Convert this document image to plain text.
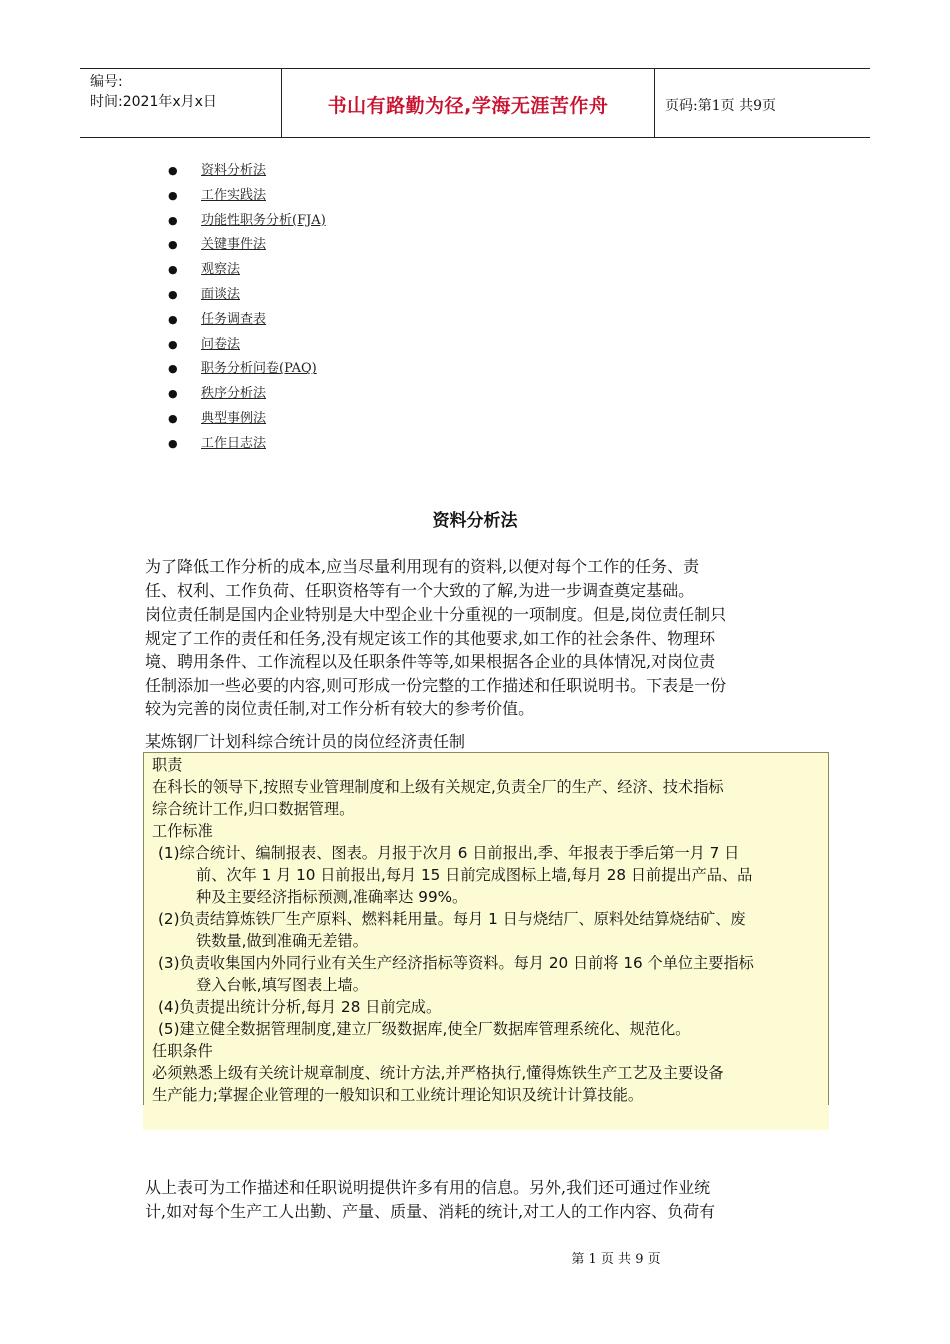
编号:
时间:2021年x月x日	书山有路勤为径,学海无涯苦作舟	页码:第1页 共9页
● 资料分析法
● 工作实践法
● 功能性职务分析(FJA)
● 关键事件法
● 观察法
● 面谈法
● 任务调查表
● 问卷法
● 职务分析问卷(PAQ)
● 秩序分析法
● 典型事例法
● 工作日志法
资料分析法
为了降低工作分析的成本,应当尽量利用现有的资料,以便对每个工作的任务、责
任、权利、工作负荷、任职资格等有一个大致的了解,为进一步调查奠定基础。
岗位责任制是国内企业特别是大中型企业十分重视的一项制度。但是,岗位责任制只
规定了工作的责任和任务,没有规定该工作的其他要求,如工作的社会条件、物理环
境、聘用条件、工作流程以及任职条件等等,如果根据各企业的具体情况,对岗位责
任制添加一些必要的内容,则可形成一份完整的工作描述和任职说明书。下表是一份
较为完善的岗位责任制,对工作分析有较大的参考价值。
某炼钢厂计划科综合统计员的岗位经济责任制
职责
在科长的领导下,按照专业管理制度和上级有关规定,负责全厂的生产、经济、技术指标
综合统计工作,归口数据管理。
工作标准
(1)综合统计、编制报表、图表。月报于次月 6 日前报出,季、年报表于季后第一月 7 日
前、次年 1 月 10 日前报出,每月 15 日前完成图标上墙,每月 28 日前提出产品、品
种及主要经济指标预测,准确率达 99%。
(2)负责结算炼铁厂生产原料、燃料耗用量。每月 1 日与烧结厂、原料处结算烧结矿、废
铁数量,做到准确无差错。
(3)负责收集国内外同行业有关生产经济指标等资料。每月 20 日前将 16 个单位主要指标
登入台帐,填写图表上墙。
(4)负责提出统计分析,每月 28 日前完成。
(5)建立健全数据管理制度,建立厂级数据库,使全厂数据库管理系统化、规范化。
任职条件
必须熟悉上级有关统计规章制度、统计方法,并严格执行,懂得炼铁生产工艺及主要设备
生产能力;掌握企业管理的一般知识和工业统计理论知识及统计计算技能。
从上表可为工作描述和任职说明提供许多有用的信息。另外,我们还可通过作业统
计,如对每个生产工人出勤、产量、质量、消耗的统计,对工人的工作内容、负荷有
第 1 页 共 9 页
